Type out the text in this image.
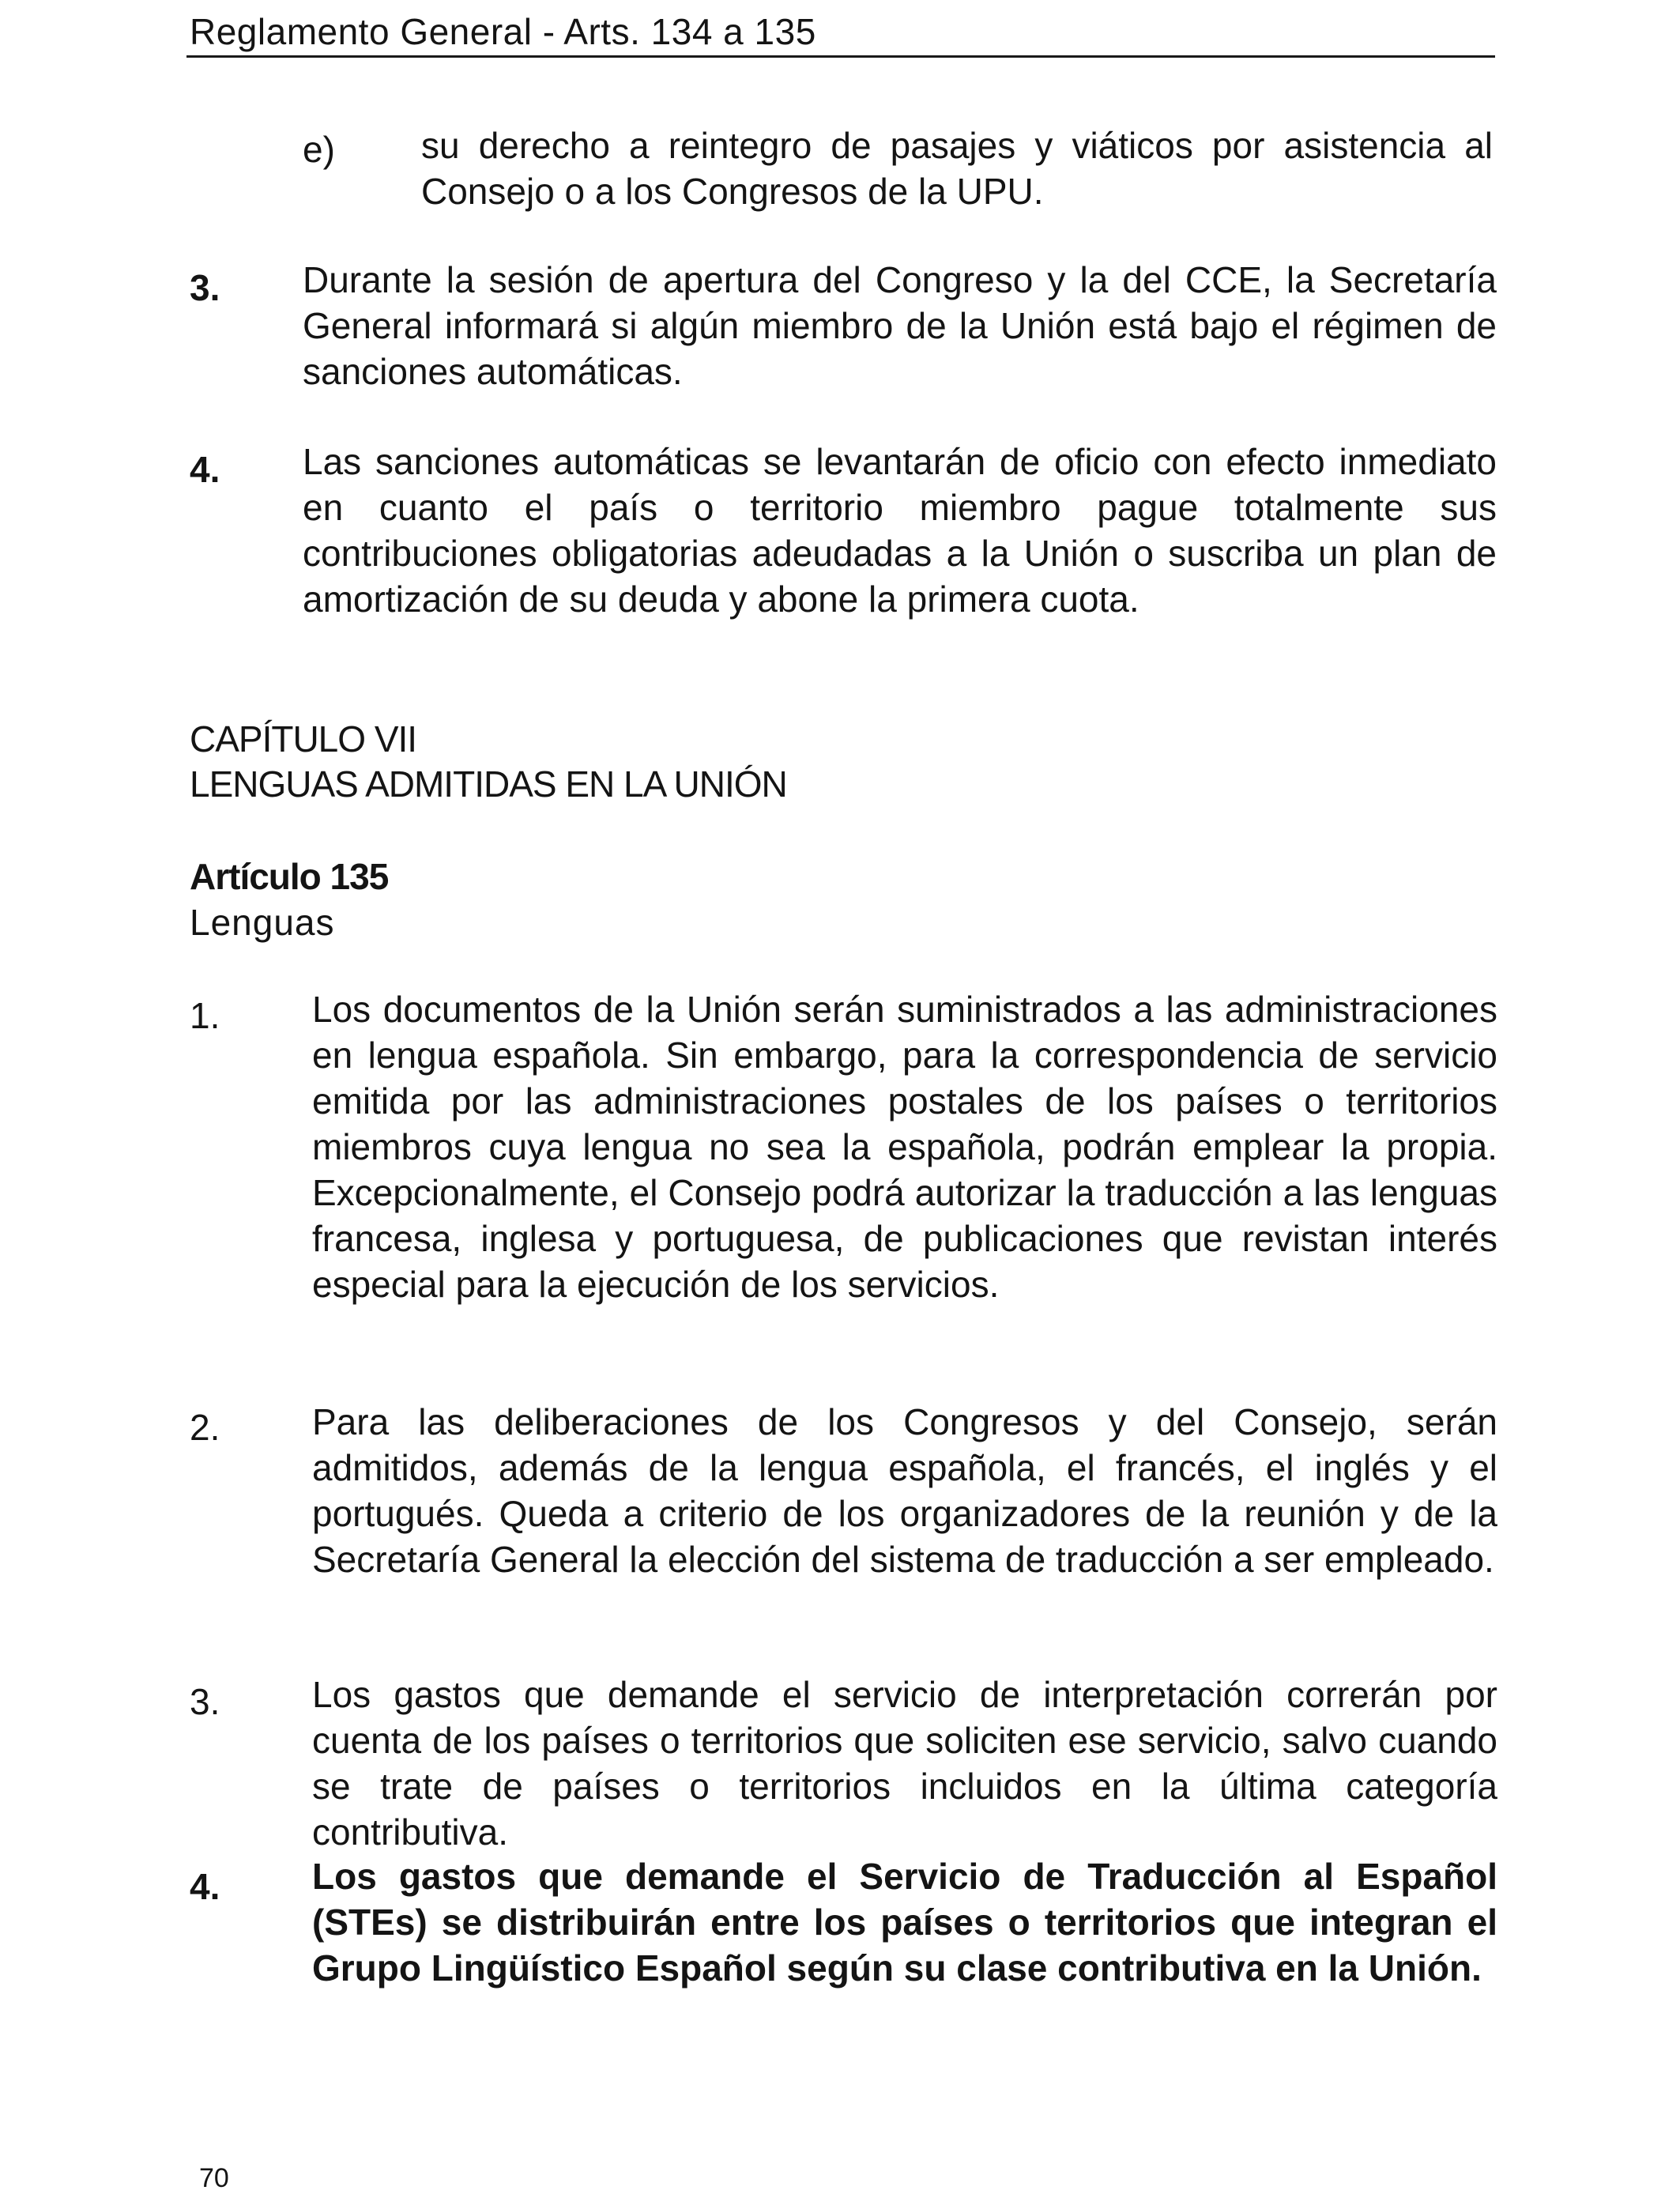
Reglamento General - Arts. 134 a 135
e) su derecho a reintegro de pasajes y viáticos por asistencia al Consejo o a los Congresos de la UPU.
3. Durante la sesión de apertura del Congreso y la del CCE, la Secretaría General informará si algún miembro de la Unión está bajo el régimen de sanciones automáticas.
4. Las sanciones automáticas se levantarán de oficio con efecto inmediato en cuanto el país o territorio miembro pague totalmente sus contribuciones obligatorias adeudadas a la Unión o suscriba un plan de amortización de su deuda y abone la primera cuota.
CAPÍTULO VII
LENGUAS ADMITIDAS EN LA UNIÓN
Artículo 135
Lenguas
1.	Los documentos de la Unión serán suministrados a las administraciones en lengua española. Sin embargo, para la correspondencia de servicio emitida por las administraciones postales de los países o territorios miembros cuya lengua no sea la española, podrán emplear la propia. Excepcionalmente, el Consejo podrá autorizar la traducción a las lenguas francesa, inglesa y portuguesa, de publicaciones que revistan interés especial para la ejecución de los servicios.
2.	Para las deliberaciones de los Congresos y del Consejo, serán admitidos, además de la lengua española, el francés, el inglés y el portugués. Queda a criterio de los organizadores de la reunión y de la Secretaría General la elección del sistema de traducción a ser empleado.
3.	Los gastos que demande el servicio de interpretación correrán por cuenta de los países o territorios que soliciten ese servicio, salvo cuando se trate de países o territorios incluidos en la última categoría contributiva.
4.	Los gastos que demande el Servicio de Traducción al Español (STEs) se distribuirán entre los países o territorios que integran el Grupo Lingüístico Español según su clase contributiva en la Unión.
70
